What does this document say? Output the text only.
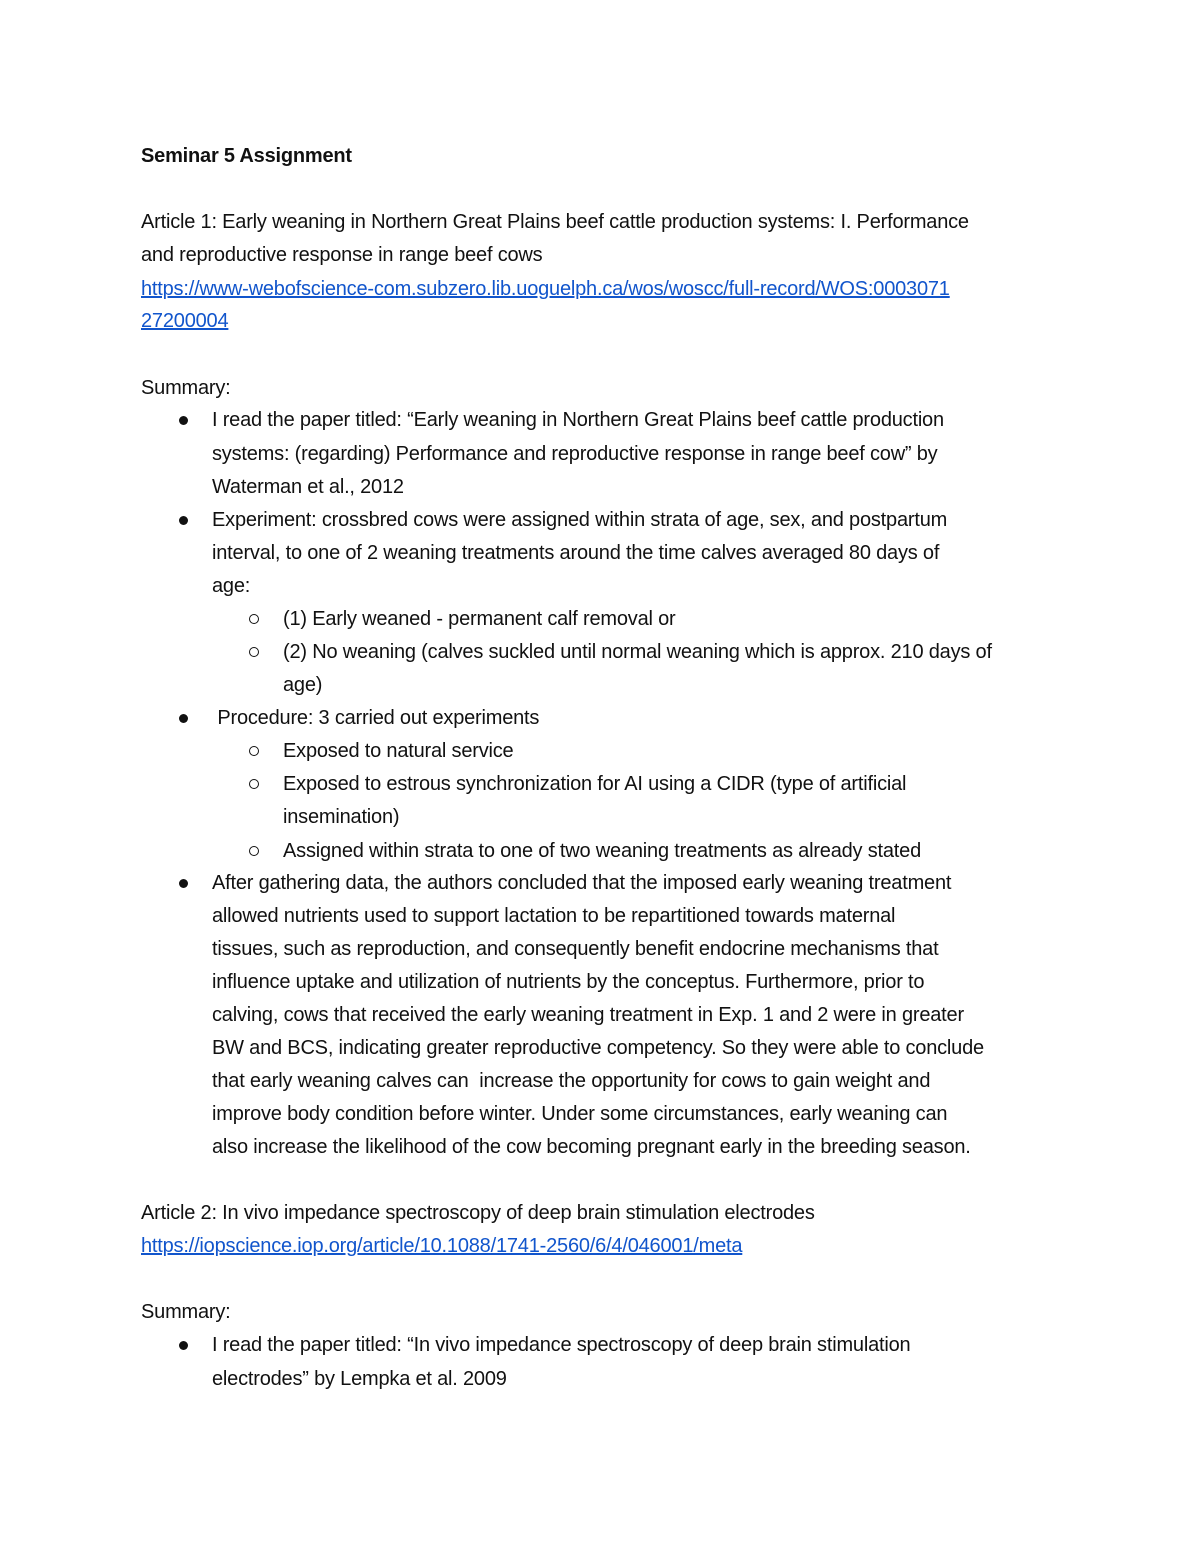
Seminar 5 Assignment
Article 1: Early weaning in Northern Great Plains beef cattle production systems: I. Performance
and reproductive response in range beef cows
https://www-webofscience-com.subzero.lib.uoguelph.ca/wos/woscc/full-record/WOS:0003071
27200004
Summary:
I read the paper titled: “Early weaning in Northern Great Plains beef cattle production
systems: (regarding) Performance and reproductive response in range beef cow” by
Waterman et al., 2012
Experiment: crossbred cows were assigned within strata of age, sex, and postpartum
interval, to one of 2 weaning treatments around the time calves averaged 80 days of
age:
(1) Early weaned - permanent calf removal or
(2) No weaning (calves suckled until normal weaning which is approx. 210 days of
age)
Procedure: 3 carried out experiments
Exposed to natural service
Exposed to estrous synchronization for AI using a CIDR (type of artificial
insemination)
Assigned within strata to one of two weaning treatments as already stated
After gathering data, the authors concluded that the imposed early weaning treatment
allowed nutrients used to support lactation to be repartitioned towards maternal
tissues, such as reproduction, and consequently benefit endocrine mechanisms that
influence uptake and utilization of nutrients by the conceptus. Furthermore, prior to
calving, cows that received the early weaning treatment in Exp. 1 and 2 were in greater
BW and BCS, indicating greater reproductive competency. So they were able to conclude
that early weaning calves can  increase the opportunity for cows to gain weight and
improve body condition before winter. Under some circumstances, early weaning can
also increase the likelihood of the cow becoming pregnant early in the breeding season.
Article 2: In vivo impedance spectroscopy of deep brain stimulation electrodes
https://iopscience.iop.org/article/10.1088/1741-2560/6/4/046001/meta
Summary:
I read the paper titled: “In vivo impedance spectroscopy of deep brain stimulation
electrodes” by Lempka et al. 2009
